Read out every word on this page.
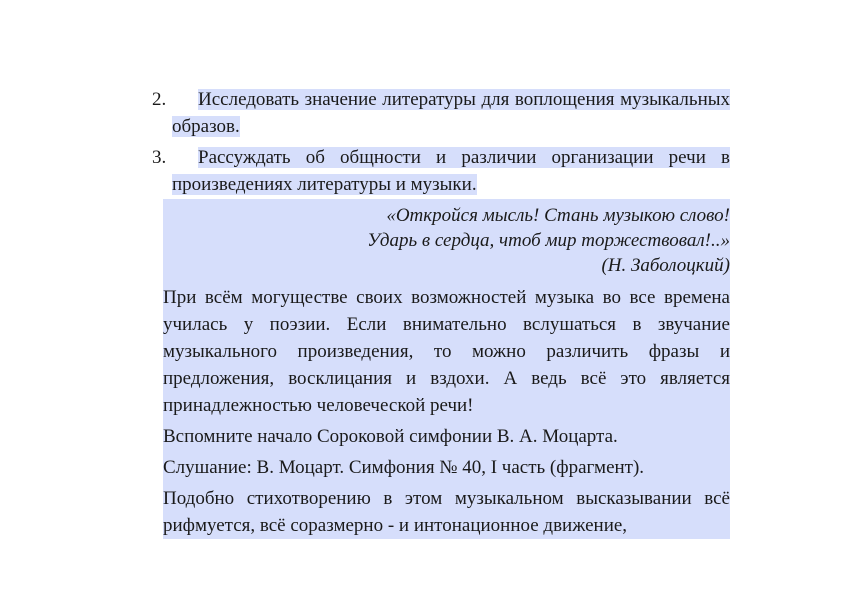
2.	Исследовать значение литературы для воплощения музыкальных образов.
3.	Рассуждать об общности и различии организации речи в произведениях литературы и музыки.
«Откройся мысль! Стань музыкою слово!
Ударь в сердца, чтоб мир торжествовал!..»
(Н. Заболоцкий)
При всём могуществе своих возможностей музыка во все времена училась у поэзии. Если внимательно вслушаться в звучание музыкального произведения, то можно различить фразы и предложения, восклицания и вздохи. А ведь всё это является принадлежностью человеческой речи!
Вспомните начало Сороковой симфонии В. А. Моцарта.
Слушание: В. Моцарт. Симфония № 40, I часть (фрагмент).
Подобно стихотворению в этом музыкальном высказывании всё рифмуется, всё соразмерно - и интонационное движение,
